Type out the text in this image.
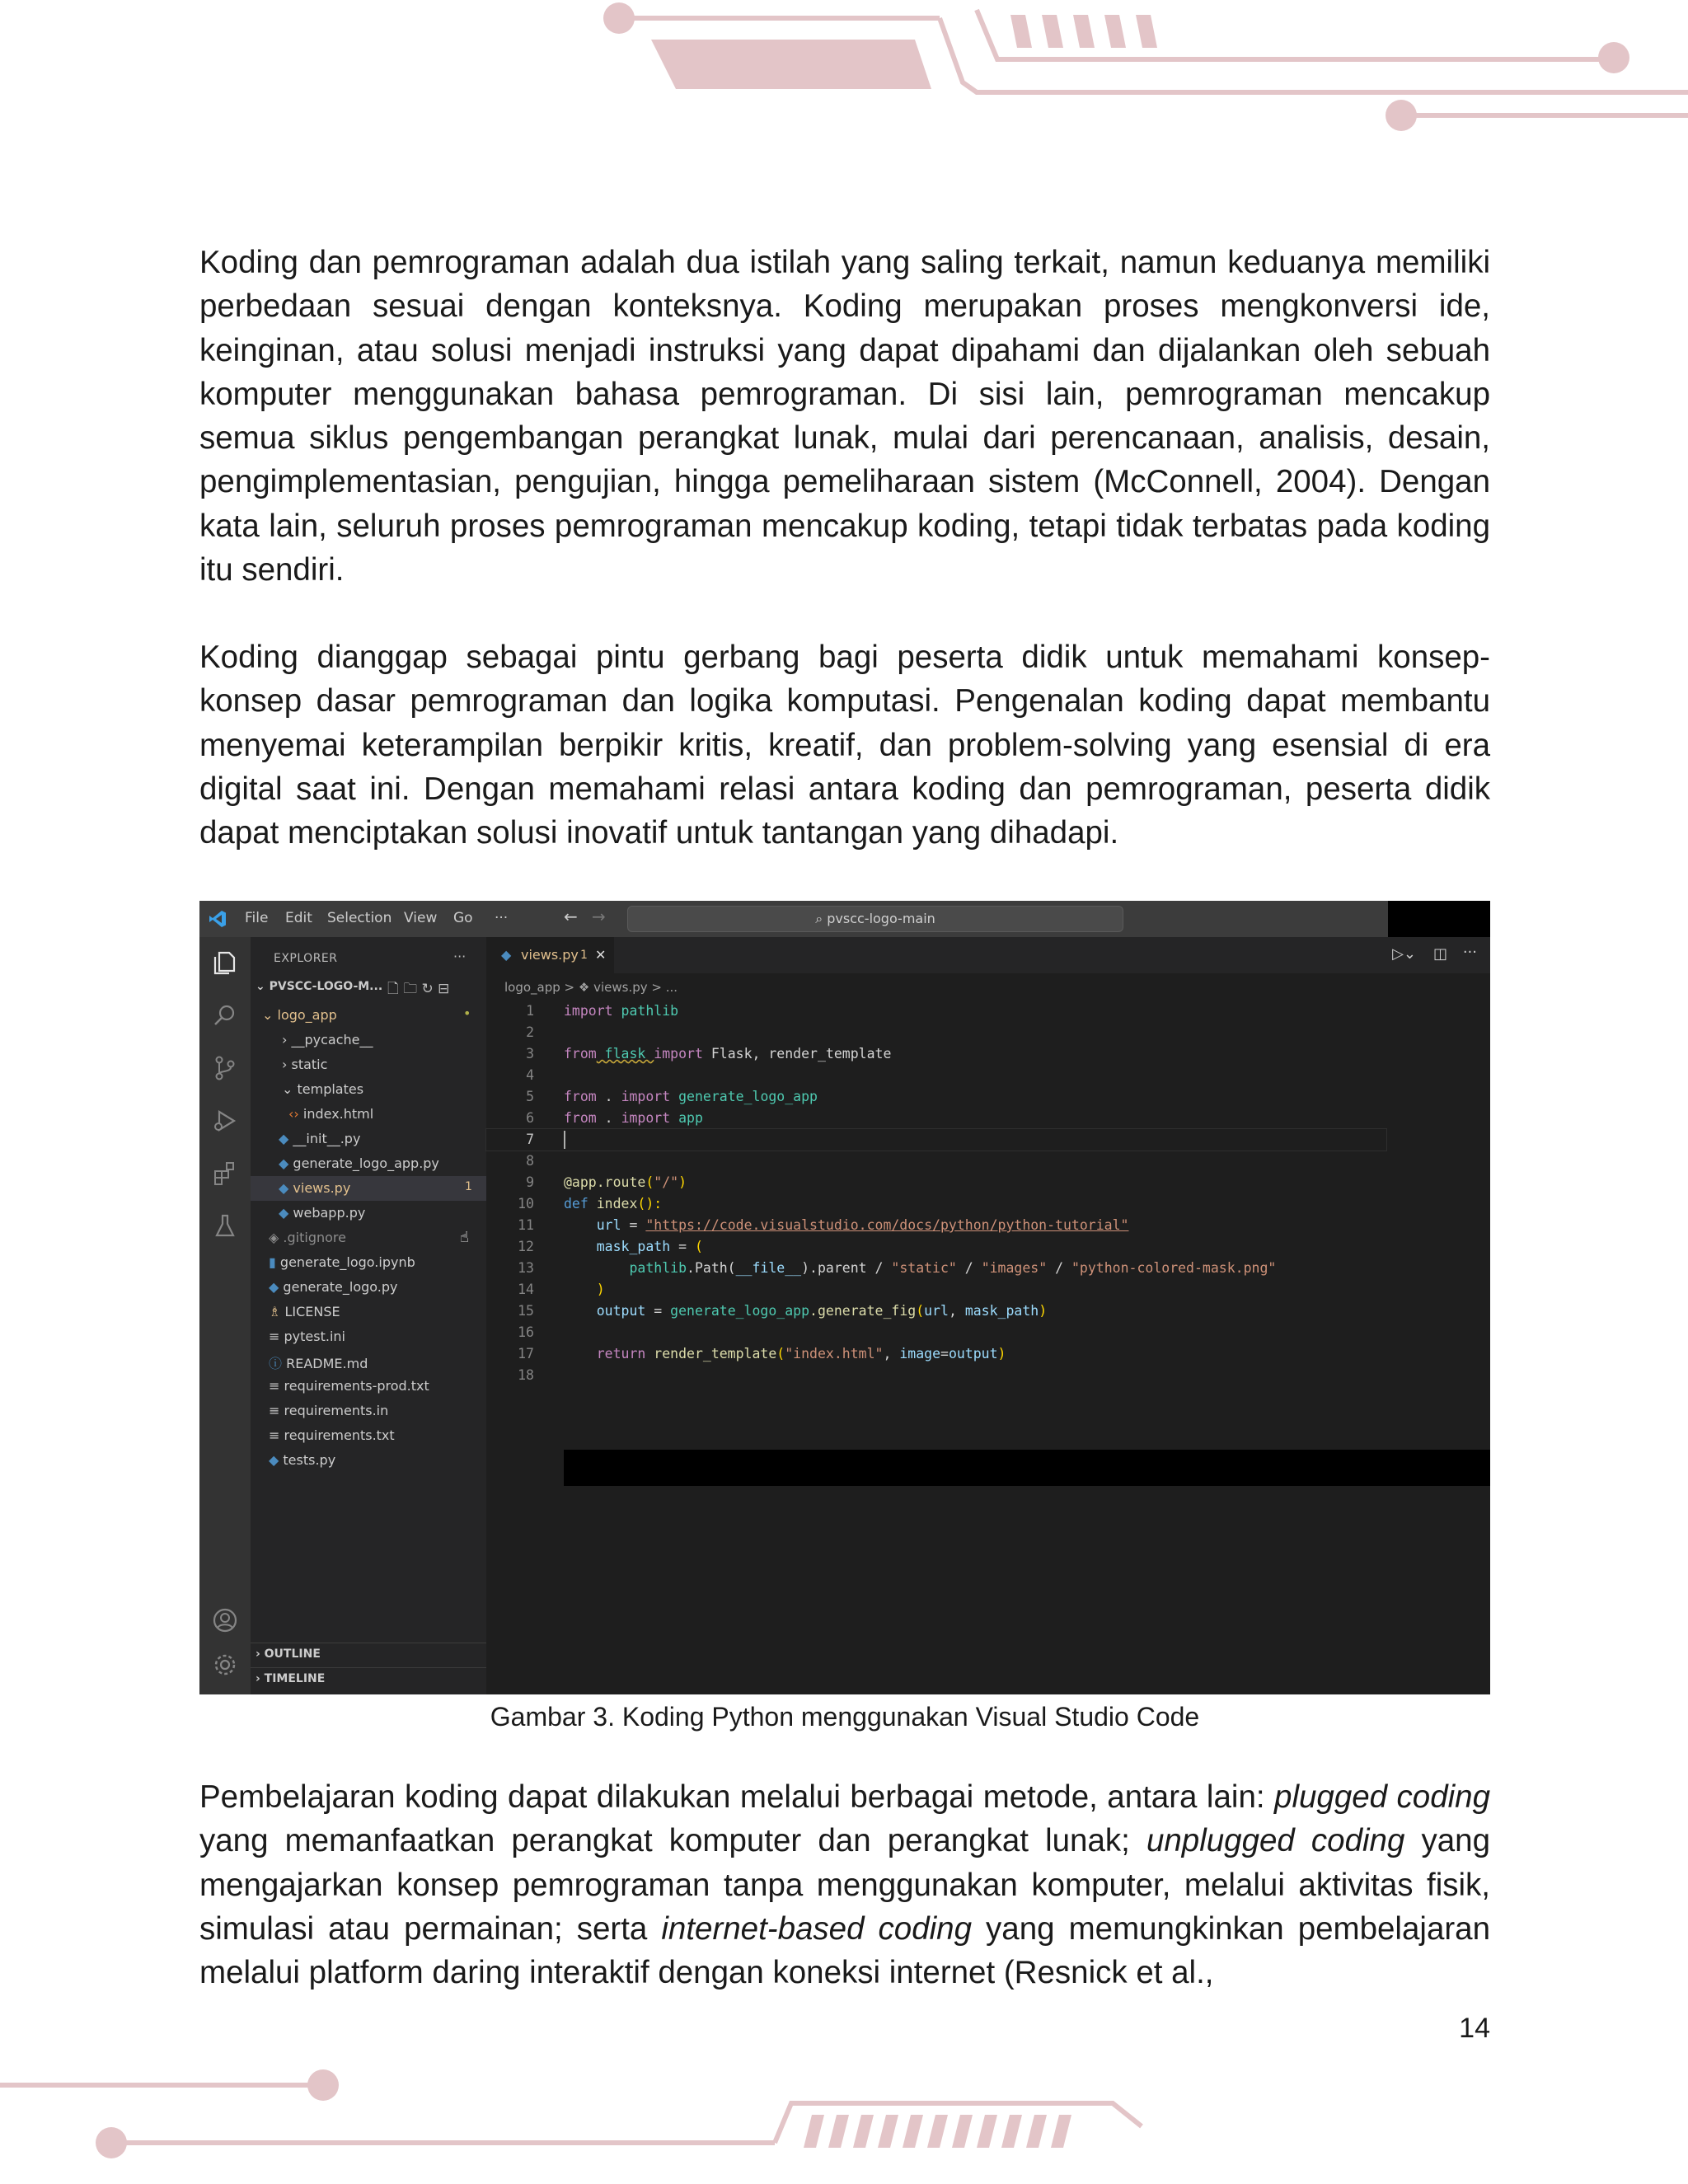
Koding dan pemrograman adalah dua istilah yang saling terkait, namun keduanya memiliki perbedaan sesuai dengan konteksnya. Koding merupakan proses mengkonversi ide, keinginan, atau solusi menjadi instruksi yang dapat dipahami dan dijalankan oleh sebuah komputer menggunakan bahasa pemrograman. Di sisi lain, pemrograman mencakup semua siklus pengembangan perangkat lunak, mulai dari perencanaan, analisis, desain, pengimplementasian, pengujian, hingga pemeliharaan sistem (McConnell, 2004). Dengan kata lain, seluruh proses pemrograman mencakup koding, tetapi tidak terbatas pada koding itu sendiri.

Koding dianggap sebagai pintu gerbang bagi peserta didik untuk memahami konsep-konsep dasar pemrograman dan logika komputasi. Pengenalan koding dapat membantu menyemai keterampilan berpikir kritis, kreatif, dan problem-solving yang esensial di era digital saat ini. Dengan memahami relasi antara koding dan pemrograman, peserta didik dapat menciptakan solusi inovatif untuk tantangan yang dihadapi.

File Edit Selection View Go ···	← →	⌕ pvscc-logo-main
EXPLORER	···
⌄ PVSCC-LOGO-M... 🗋 🗀 ↻ ⊟
⌄ logo_app	•
› __pycache__
› static
⌄ templates
‹› index.html
◆ __init__.py
◆ generate_logo_app.py
◆ views.py	1
◆ webapp.py
◈ .gitignore	☝
▮ generate_logo.ipynb
◆ generate_logo.py
♗ LICENSE
≡ pytest.ini
ⓘ README.md
≡ requirements-prod.txt
≡ requirements.in
≡ requirements.txt
◆ tests.py
› OUTLINE
› TIMELINE
◆ views.py 1 ✕	▷⌄ ◫ ···
logo_app > ❖ views.py > ...
1 import pathlib
2
3 from flask import Flask, render_template
4
5 from . import generate_logo_app
6 from . import app
7
8
9 @app.route("/")
10 def index():
11 url = "https://code.visualstudio.com/docs/python/python-tutorial"
12 mask_path = (
13 pathlib.Path(__file__).parent / "static" / "images" / "python-colored-mask.png"
14 )
15 output = generate_logo_app.generate_fig(url, mask_path)
16
17 return render_template("index.html", image=output)
18
Gambar 3. Koding Python menggunakan Visual Studio Code

Pembelajaran koding dapat dilakukan melalui berbagai metode, antara lain: plugged coding yang memanfaatkan perangkat komputer dan perangkat lunak; unplugged coding yang mengajarkan konsep pemrograman tanpa menggunakan komputer, melalui aktivitas fisik, simulasi atau permainan; serta internet-based coding yang memungkinkan pembelajaran melalui platform daring interaktif dengan koneksi internet (Resnick et al.,

14
